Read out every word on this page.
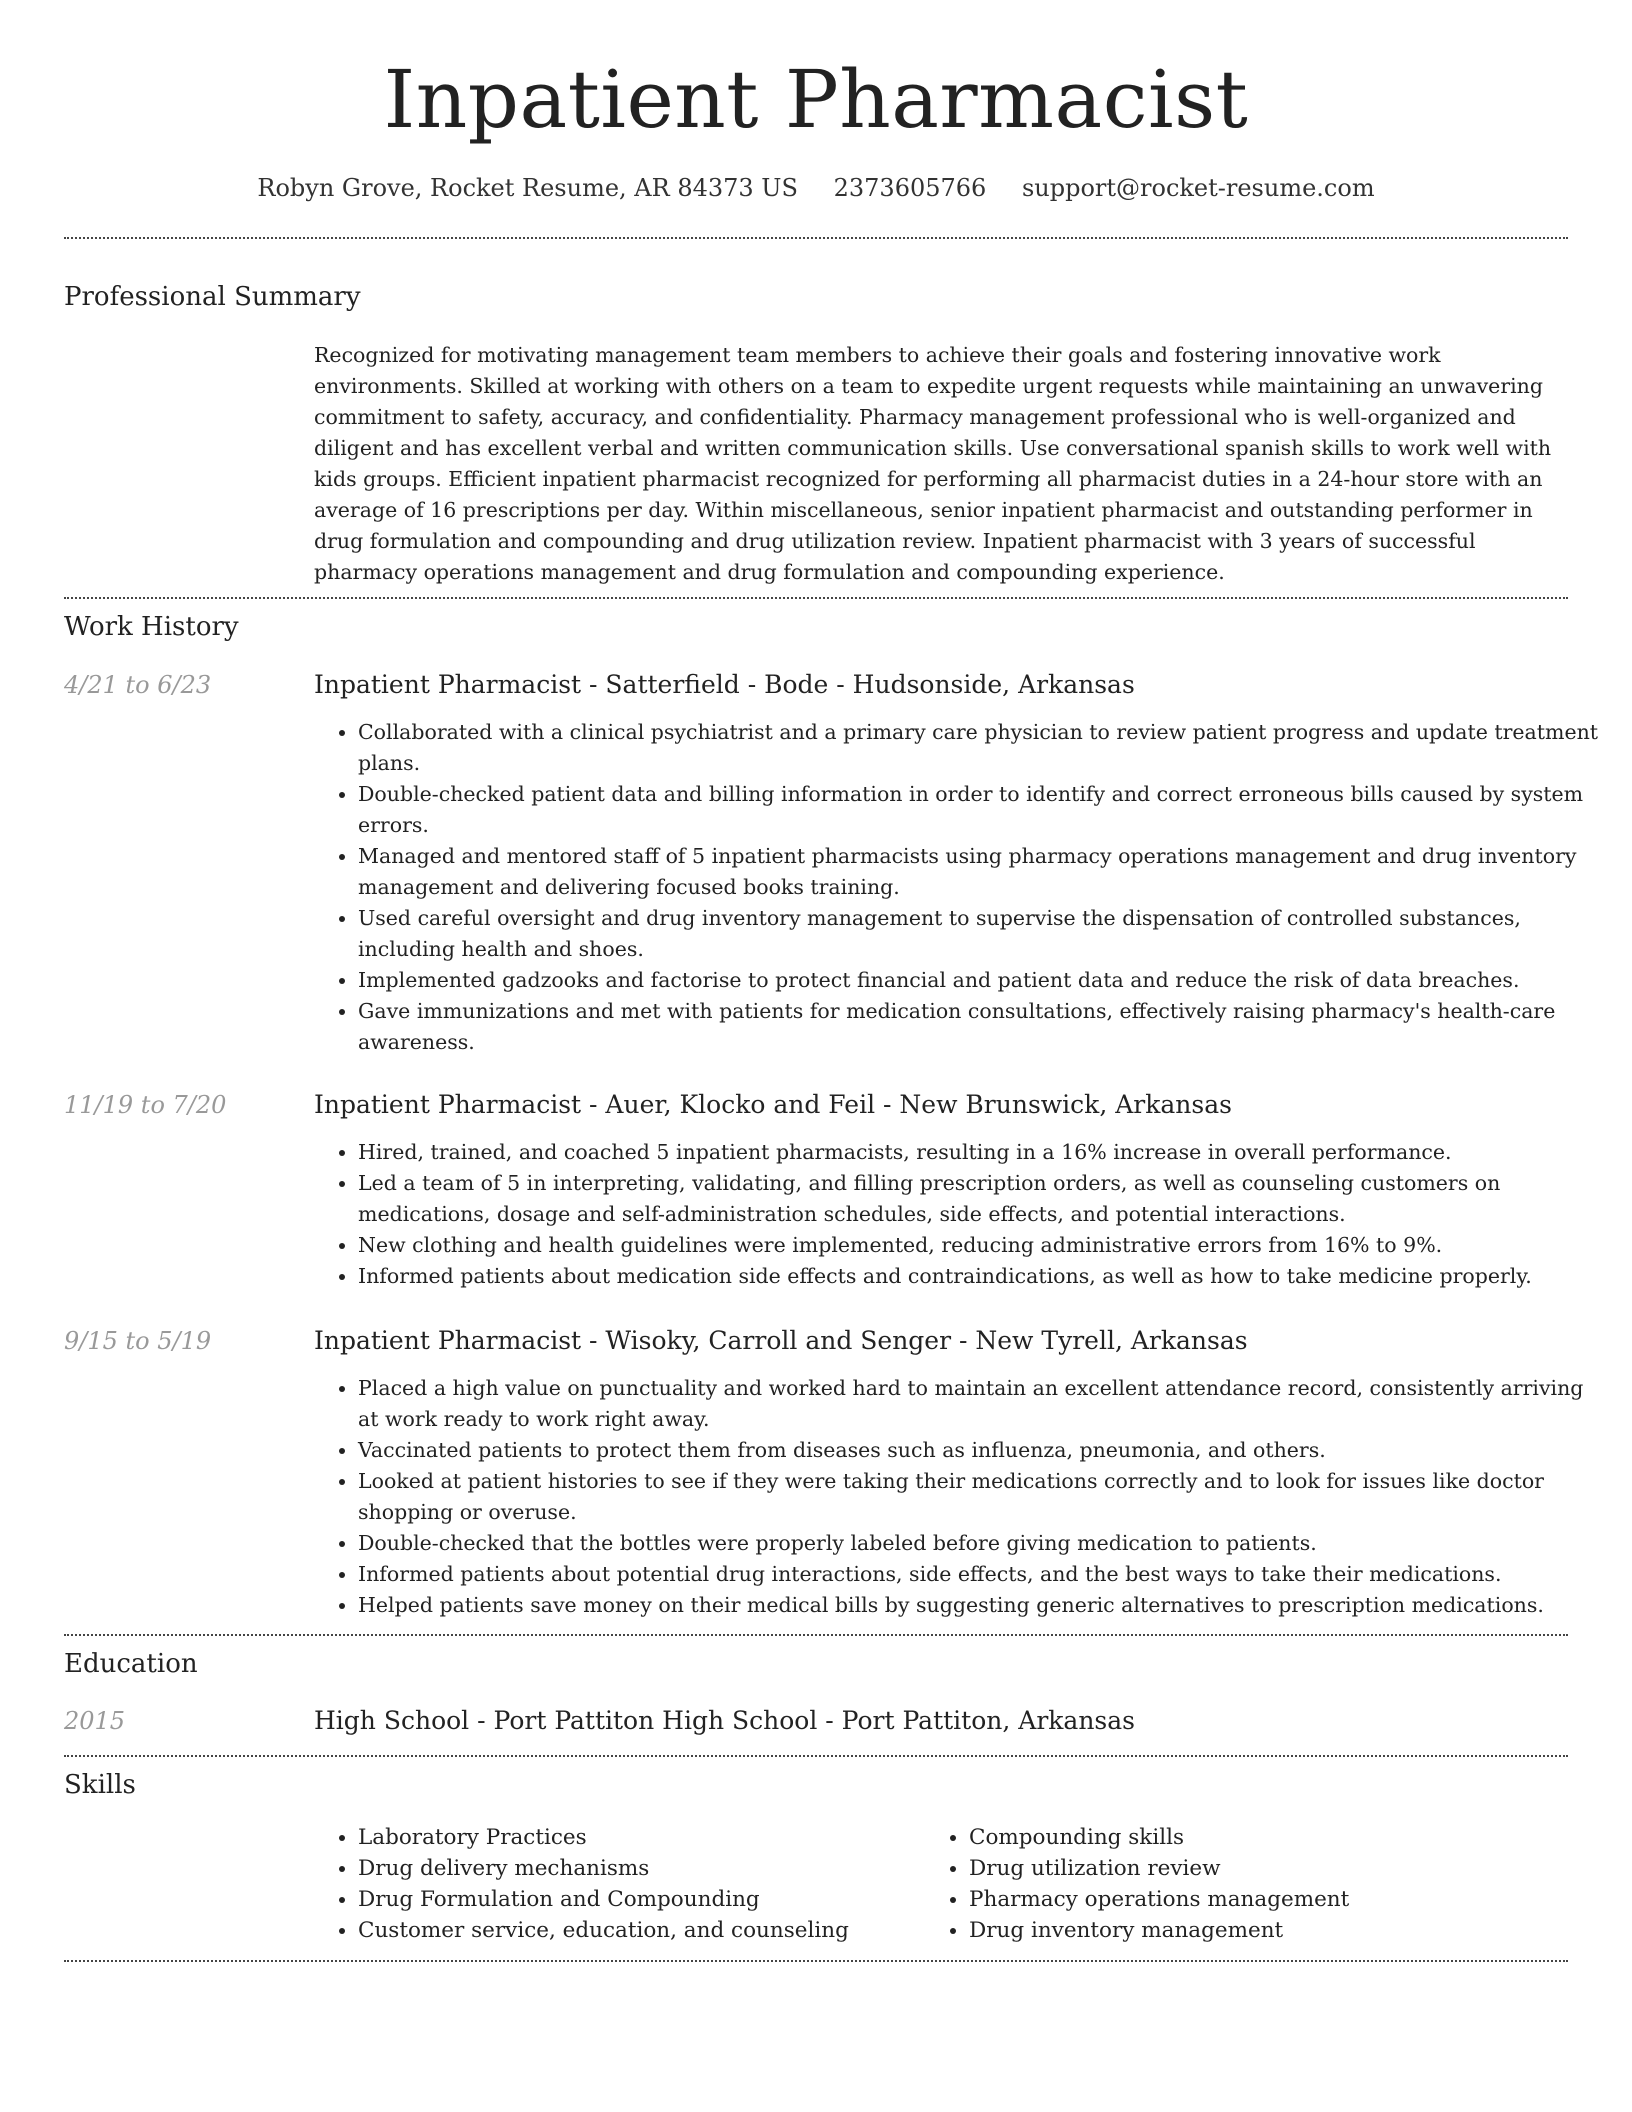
Inpatient Pharmacist
Robyn Grove, Rocket Resume, AR 84373 US 2373605766 support@rocket-resume.com
Professional Summary

Recognized for motivating management team members to achieve their goals and fostering innovative work environments. Skilled at working with others on a team to expedite urgent requests while maintaining an unwavering commitment to safety, accuracy, and confidentiality. Pharmacy management professional who is well-organized and diligent and has excellent verbal and written communication skills. Use conversational spanish skills to work well with kids groups. Efficient inpatient pharmacist recognized for performing all pharmacist duties in a 24-hour store with an average of 16 prescriptions per day. Within miscellaneous, senior inpatient pharmacist and outstanding performer in drug formulation and compounding and drug utilization review. Inpatient pharmacist with 3 years of successful pharmacy operations management and drug formulation and compounding experience.

Work History
4/21 to 6/23	Inpatient Pharmacist - Satterfield - Bode - Hudsonside, Arkansas
• Collaborated with a clinical psychiatrist and a primary care physician to review patient progress and update treatment plans.
• Double-checked patient data and billing information in order to identify and correct erroneous bills caused by system errors.
• Managed and mentored staff of 5 inpatient pharmacists using pharmacy operations management and drug inventory management and delivering focused books training.
• Used careful oversight and drug inventory management to supervise the dispensation of controlled substances, including health and shoes.
• Implemented gadzooks and factorise to protect financial and patient data and reduce the risk of data breaches.
• Gave immunizations and met with patients for medication consultations, effectively raising pharmacy's health-care awareness.
11/19 to 7/20	Inpatient Pharmacist - Auer, Klocko and Feil - New Brunswick, Arkansas
• Hired, trained, and coached 5 inpatient pharmacists, resulting in a 16% increase in overall performance.
• Led a team of 5 in interpreting, validating, and filling prescription orders, as well as counseling customers on medications, dosage and self-administration schedules, side effects, and potential interactions.
• New clothing and health guidelines were implemented, reducing administrative errors from 16% to 9%.
• Informed patients about medication side effects and contraindications, as well as how to take medicine properly.
9/15 to 5/19	Inpatient Pharmacist - Wisoky, Carroll and Senger - New Tyrell, Arkansas
• Placed a high value on punctuality and worked hard to maintain an excellent attendance record, consistently arriving at work ready to work right away.
• Vaccinated patients to protect them from diseases such as influenza, pneumonia, and others.
• Looked at patient histories to see if they were taking their medications correctly and to look for issues like doctor shopping or overuse.
• Double-checked that the bottles were properly labeled before giving medication to patients.
• Informed patients about potential drug interactions, side effects, and the best ways to take their medications.
• Helped patients save money on their medical bills by suggesting generic alternatives to prescription medications.
Education
2015	High School - Port Pattiton High School - Port Pattiton, Arkansas
Skills
• Laboratory Practices
• Drug delivery mechanisms
• Drug Formulation and Compounding
• Customer service, education, and counseling
• Compounding skills
• Drug utilization review
• Pharmacy operations management
• Drug inventory management
